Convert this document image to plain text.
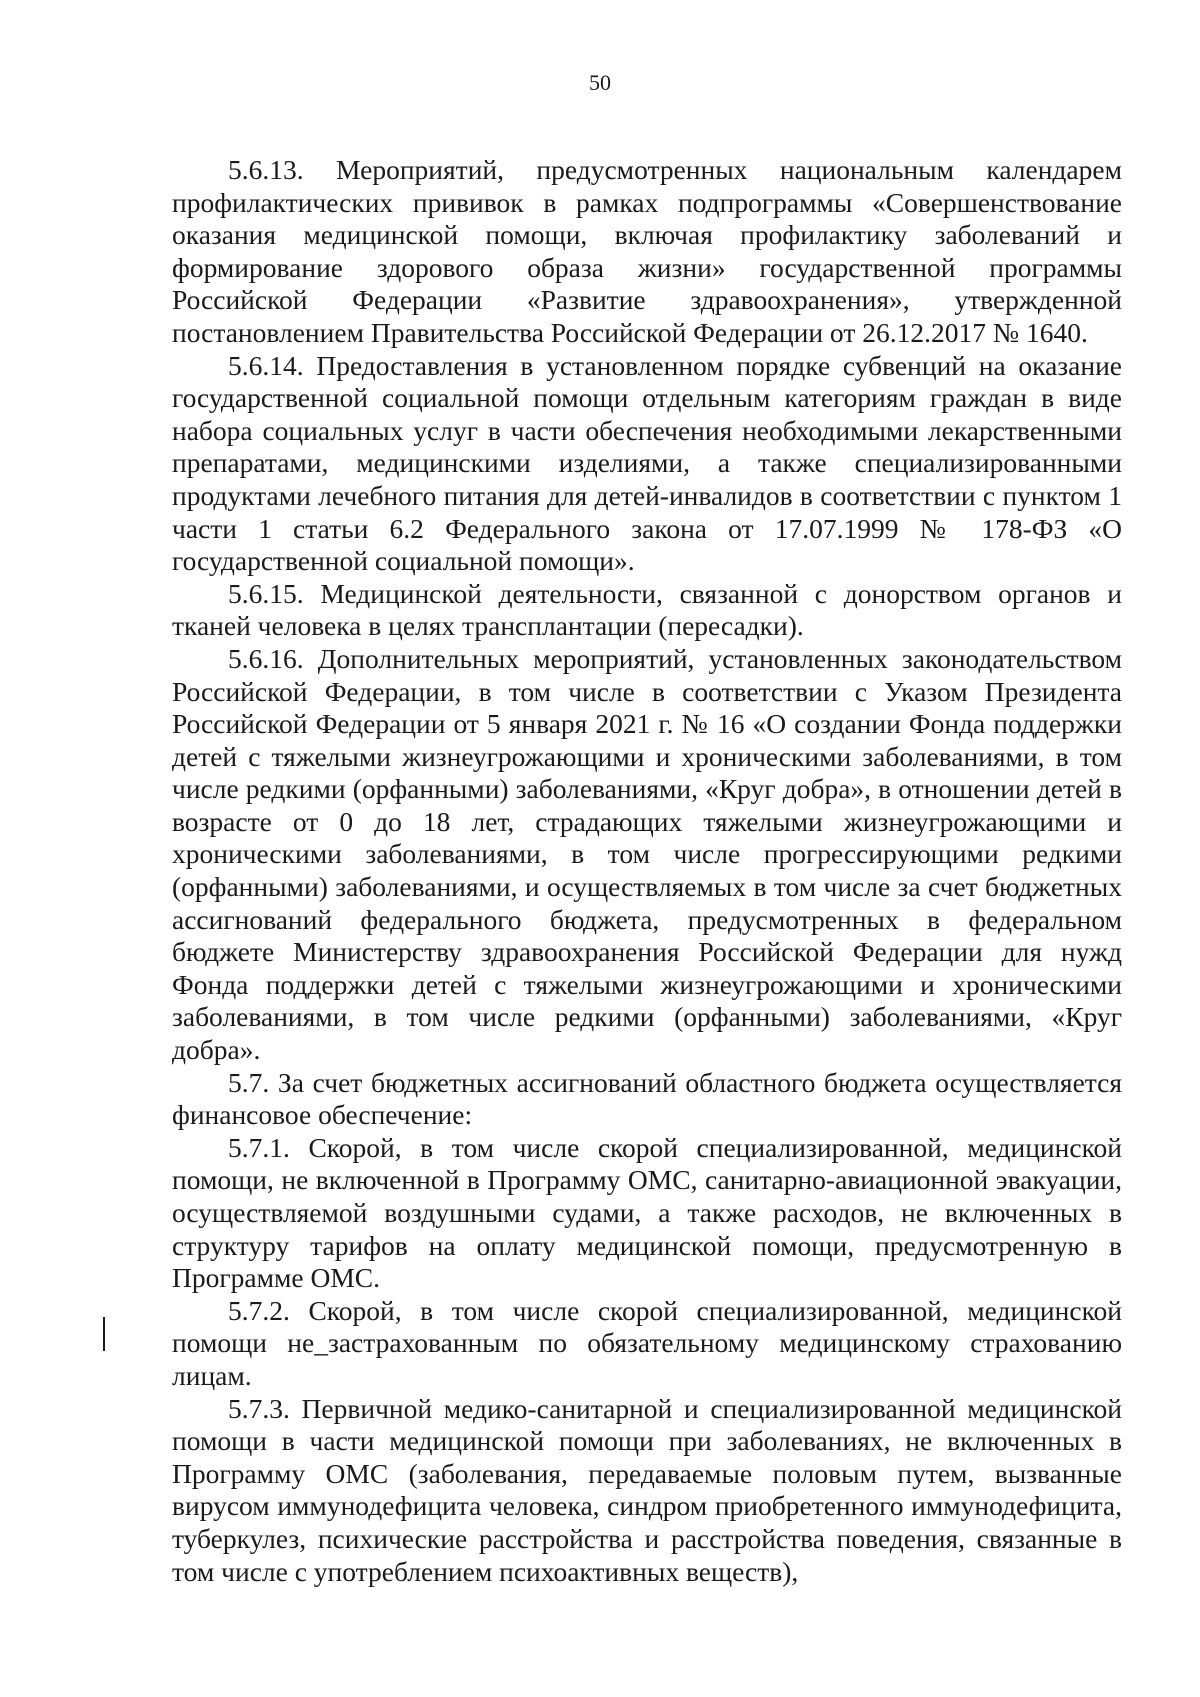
50

5.6.13. Мероприятий, предусмотренных национальным календарем профилактических прививок в рамках подпрограммы «Совершенствование оказания медицинской помощи, включая профилактику заболеваний и формирование здорового образа жизни» государственной программы Российской Федерации «Развитие здравоохранения», утвержденной постановлением Правительства Российской Федерации от 26.12.2017 № 1640.

5.6.14. Предоставления в установленном порядке субвенций на оказание государственной социальной помощи отдельным категориям граждан в виде набора социальных услуг в части обеспечения необходимыми лекарственными препаратами, медицинскими изделиями, а также специализированными продуктами лечебного питания для детей-инвалидов в соответствии с пунктом 1 части 1 статьи 6.2 Федерального закона от 17.07.1999 № 178-ФЗ «О государственной социальной помощи».

5.6.15. Медицинской деятельности, связанной с донорством органов и тканей человека в целях трансплантации (пересадки).

5.6.16. Дополнительных мероприятий, установленных законодательством Российской Федерации, в том числе в соответствии с Указом Президента Российской Федерации от 5 января 2021 г. № 16 «О создании Фонда поддержки детей с тяжелыми жизнеугрожающими и хроническими заболеваниями, в том числе редкими (орфанными) заболеваниями, «Круг добра», в отношении детей в возрасте от 0 до 18 лет, страдающих тяжелыми жизнеугрожающими и хроническими заболеваниями, в том числе прогрессирующими редкими (орфанными) заболеваниями, и осуществляемых в том числе за счет бюджетных ассигнований федерального бюджета, предусмотренных в федеральном бюджете Министерству здравоохранения Российской Федерации для нужд Фонда поддержки детей с тяжелыми жизнеугрожающими и хроническими заболеваниями, в том числе редкими (орфанными) заболеваниями, «Круг добра».

5.7. За счет бюджетных ассигнований областного бюджета осуществляется финансовое обеспечение:

5.7.1. Скорой, в том числе скорой специализированной, медицинской помощи, не включенной в Программу ОМС, санитарно-авиационной эвакуации, осуществляемой воздушными судами, а также расходов, не включенных в структуру тарифов на оплату медицинской помощи, предусмотренную в Программе ОМС.

5.7.2. Скорой, в том числе скорой специализированной, медицинской помощи не_застрахованным по обязательному медицинскому страхованию лицам.

5.7.3. Первичной медико-санитарной и специализированной медицинской помощи в части медицинской помощи при заболеваниях, не включенных в Программу ОМС (заболевания, передаваемые половым путем, вызванные вирусом иммунодефицита человека, синдром приобретенного иммунодефицита, туберкулез, психические расстройства и расстройства поведения, связанные в том числе с употреблением психоактивных веществ),
